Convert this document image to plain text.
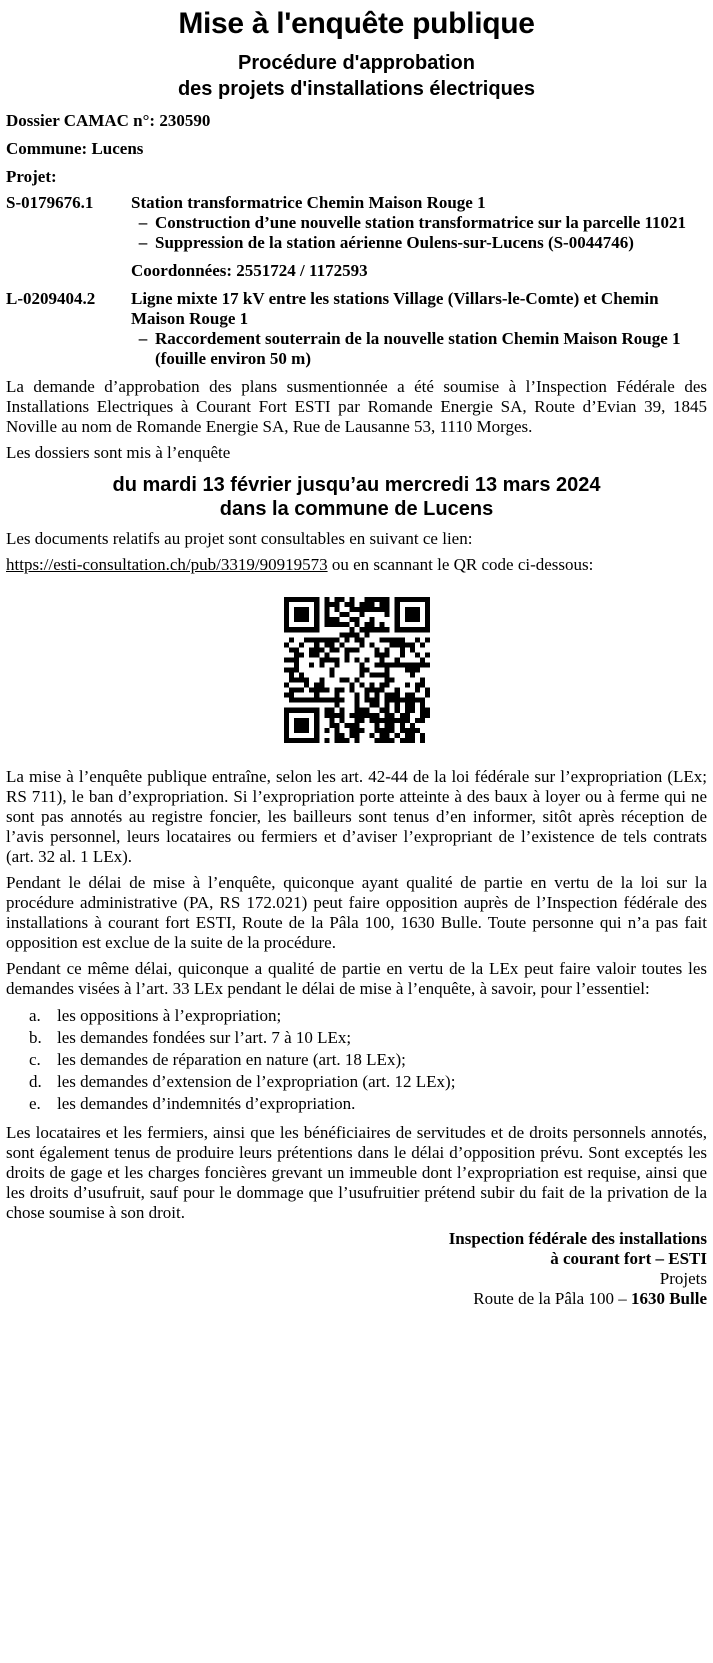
Mise à l'enquête publique
Procédure d'approbation
des projets d'installations électriques
Dossier CAMAC n°: 230590
Commune: Lucens
Projet:
S-0179676.1	Station transformatrice Chemin Maison Rouge 1
– Construction d’une nouvelle station transformatrice sur la parcelle 11021
– Suppression de la station aérienne Oulens-sur-Lucens (S-0044746)
Coordonnées: 2551724 / 1172593
L-0209404.2	Ligne mixte 17 kV entre les stations Village (Villars-le-Comte) et Chemin Maison Rouge 1
– Raccordement souterrain de la nouvelle station Chemin Maison Rouge 1 (fouille environ 50 m)

La demande d’approbation des plans susmentionnée a été soumise à l’Inspection Fédérale des Installations Electriques à Courant Fort ESTI par Romande Energie SA, Route d’Evian 39, 1845 Noville au nom de Romande Energie SA, Rue de Lausanne 53, 1110 Morges.

Les dossiers sont mis à l’enquête

du mardi 13 février jusqu’au mercredi 13 mars 2024
dans la commune de Lucens

Les documents relatifs au projet sont consultables en suivant ce lien:

https://esti-consultation.ch/pub/3319/90919573 ou en scannant le QR code ci-dessous:

La mise à l’enquête publique entraîne, selon les art. 42-44 de la loi fédérale sur l’expropriation (LEx; RS 711), le ban d’expropriation. Si l’expropriation porte atteinte à des baux à loyer ou à ferme qui ne sont pas annotés au registre foncier, les bailleurs sont tenus d’en informer, sitôt après réception de l’avis personnel, leurs locataires ou fermiers et d’aviser l’expropriant de l’existence de tels contrats (art. 32 al. 1 LEx).

Pendant le délai de mise à l’enquête, quiconque ayant qualité de partie en vertu de la loi sur la procédure administrative (PA, RS 172.021) peut faire opposition auprès de l’Inspection fédérale des installations à courant fort ESTI, Route de la Pâla 100, 1630 Bulle. Toute personne qui n’a pas fait opposition est exclue de la suite de la procédure.

Pendant ce même délai, quiconque a qualité de partie en vertu de la LEx peut faire valoir toutes les demandes visées à l’art. 33 LEx pendant le délai de mise à l’enquête, à savoir, pour l’essentiel:

a. les oppositions à l’expropriation;
b. les demandes fondées sur l’art. 7 à 10 LEx;
c. les demandes de réparation en nature (art. 18 LEx);
d. les demandes d’extension de l’expropriation (art. 12 LEx);
e. les demandes d’indemnités d’expropriation.

Les locataires et les fermiers, ainsi que les bénéficiaires de servitudes et de droits personnels annotés, sont également tenus de produire leurs prétentions dans le délai d’opposition prévu. Sont exceptés les droits de gage et les charges foncières grevant un immeuble dont l’expropriation est requise, ainsi que les droits d’usufruit, sauf pour le dommage que l’usufruitier prétend subir du fait de la privation de la chose soumise à son droit.

Inspection fédérale des installations
à courant fort – ESTI
Projets
Route de la Pâla 100 – 1630 Bulle
